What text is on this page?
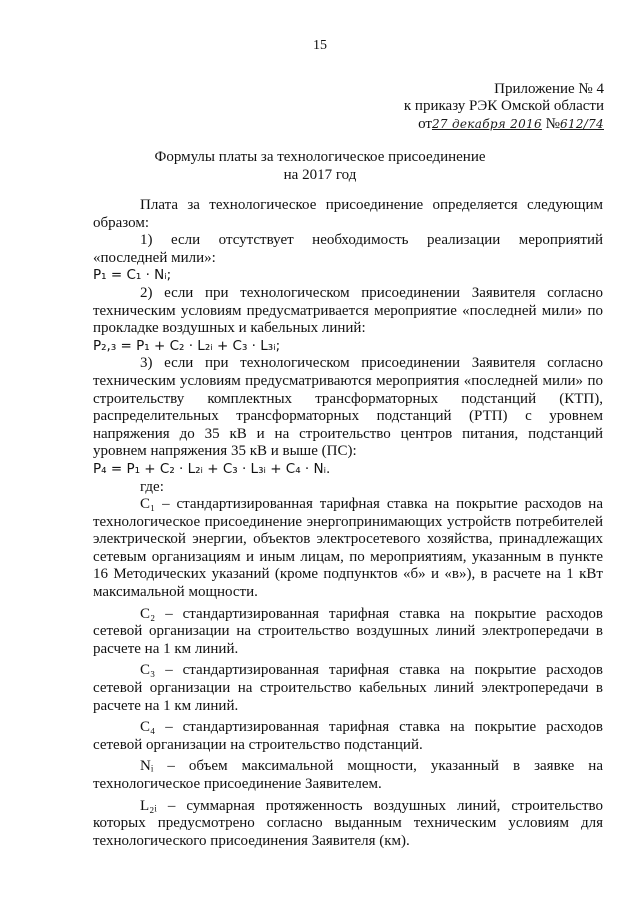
15
Приложение № 4
к приказу РЭК Омской области
от27 декабря 2016 №612/74
Формулы платы за технологическое присоединение
на 2017 год

Плата за технологическое присоединение определяется следующим образом:

1) если отсутствует необходимость реализации мероприятий «последней мили»:

P₁ = C₁ · Nᵢ;

2) если при технологическом присоединении Заявителя согласно техническим условиям предусматривается мероприятие «последней мили» по прокладке воздушных и кабельных линий:

P₂,₃ = P₁ + C₂ · L₂ᵢ + C₃ · L₃ᵢ;

3) если при технологическом присоединении Заявителя согласно техническим условиям предусматриваются мероприятия «последней мили» по строительству комплектных трансформаторных подстанций (КТП), распределительных трансформаторных подстанций (РТП) с уровнем напряжения до 35 кВ и на строительство центров питания, подстанций уровнем напряжения 35 кВ и выше (ПС):

P₄ = P₁ + C₂ · L₂ᵢ + C₃ · L₃ᵢ + C₄ · Nᵢ.

где:

С₁ – стандартизированная тарифная ставка на покрытие расходов на технологическое присоединение энергопринимающих устройств потребителей электрической энергии, объектов электросетевого хозяйства, принадлежащих сетевым организациям и иным лицам, по мероприятиям, указанным в пункте 16 Методических указаний (кроме подпунктов «б» и «в»), в расчете на 1 кВт максимальной мощности.

С₂ – стандартизированная тарифная ставка на покрытие расходов сетевой организации на строительство воздушных линий электропередачи в расчете на 1 км линий.

С₃ – стандартизированная тарифная ставка на покрытие расходов сетевой организации на строительство кабельных линий электропередачи в расчете на 1 км линий.

С₄ – стандартизированная тарифная ставка на покрытие расходов сетевой организации на строительство подстанций.

Nᵢ – объем максимальной мощности, указанный в заявке на технологическое присоединение Заявителем.

L₂ᵢ – суммарная протяженность воздушных линий, строительство которых предусмотрено согласно выданным техническим условиям для технологического присоединения Заявителя (км).
